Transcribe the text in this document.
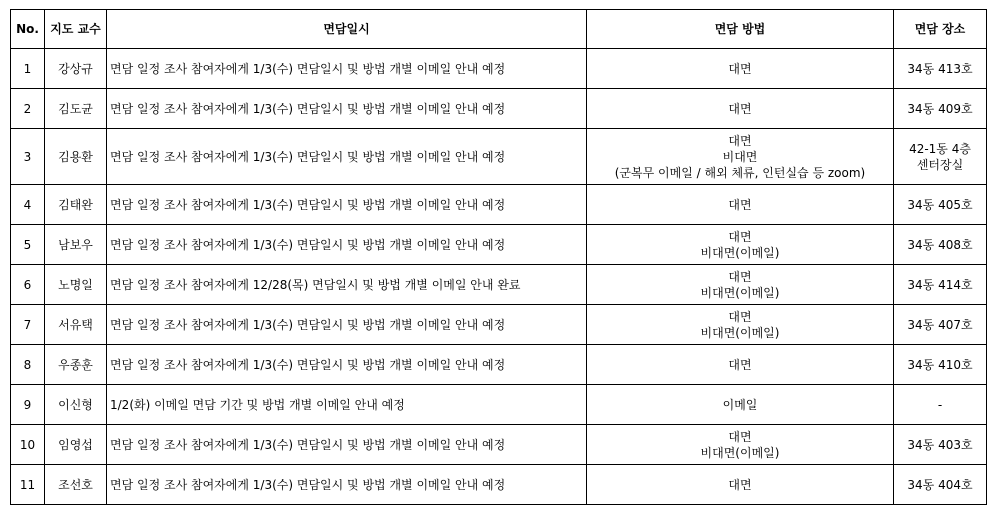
No.	지도 교수	면담일시	면담 방법	면담 장소
1	강상규	면담 일정 조사 참여자에게 1/3(수) 면담일시 및 방법 개별 이메일 안내 예정	대면	34동 413호

2	김도균	면담 일정 조사 참여자에게 1/3(수) 면담일시 및 방법 개별 이메일 안내 예정	대면	34동 409호

3	김용환	면담 일정 조사 참여자에게 1/3(수) 면담일시 및 방법 개별 이메일 안내 예정	대면
비대면
(군복무 이메일 / 해외 체류, 인턴실습 등 zoom)	42-1동 4층
센터장실

4	김태완	면담 일정 조사 참여자에게 1/3(수) 면담일시 및 방법 개별 이메일 안내 예정	대면	34동 405호

5	남보우	면담 일정 조사 참여자에게 1/3(수) 면담일시 및 방법 개별 이메일 안내 예정	대면
비대면(이메일)	34동 408호

6	노명일	면담 일정 조사 참여자에게 12/28(목) 면담일시 및 방법 개별 이메일 안내 완료	대면
비대면(이메일)	34동 414호

7	서유택	면담 일정 조사 참여자에게 1/3(수) 면담일시 및 방법 개별 이메일 안내 예정	대면
비대면(이메일)	34동 407호

8	우종훈	면담 일정 조사 참여자에게 1/3(수) 면담일시 및 방법 개별 이메일 안내 예정	대면	34동 410호

9	이신형	1/2(화) 이메일 면담 기간 및 방법 개별 이메일 안내 예정	이메일	-

10	임영섭	면담 일정 조사 참여자에게 1/3(수) 면담일시 및 방법 개별 이메일 안내 예정	대면
비대면(이메일)	34동 403호

11	조선호	면담 일정 조사 참여자에게 1/3(수) 면담일시 및 방법 개별 이메일 안내 예정	대면	34동 404호
